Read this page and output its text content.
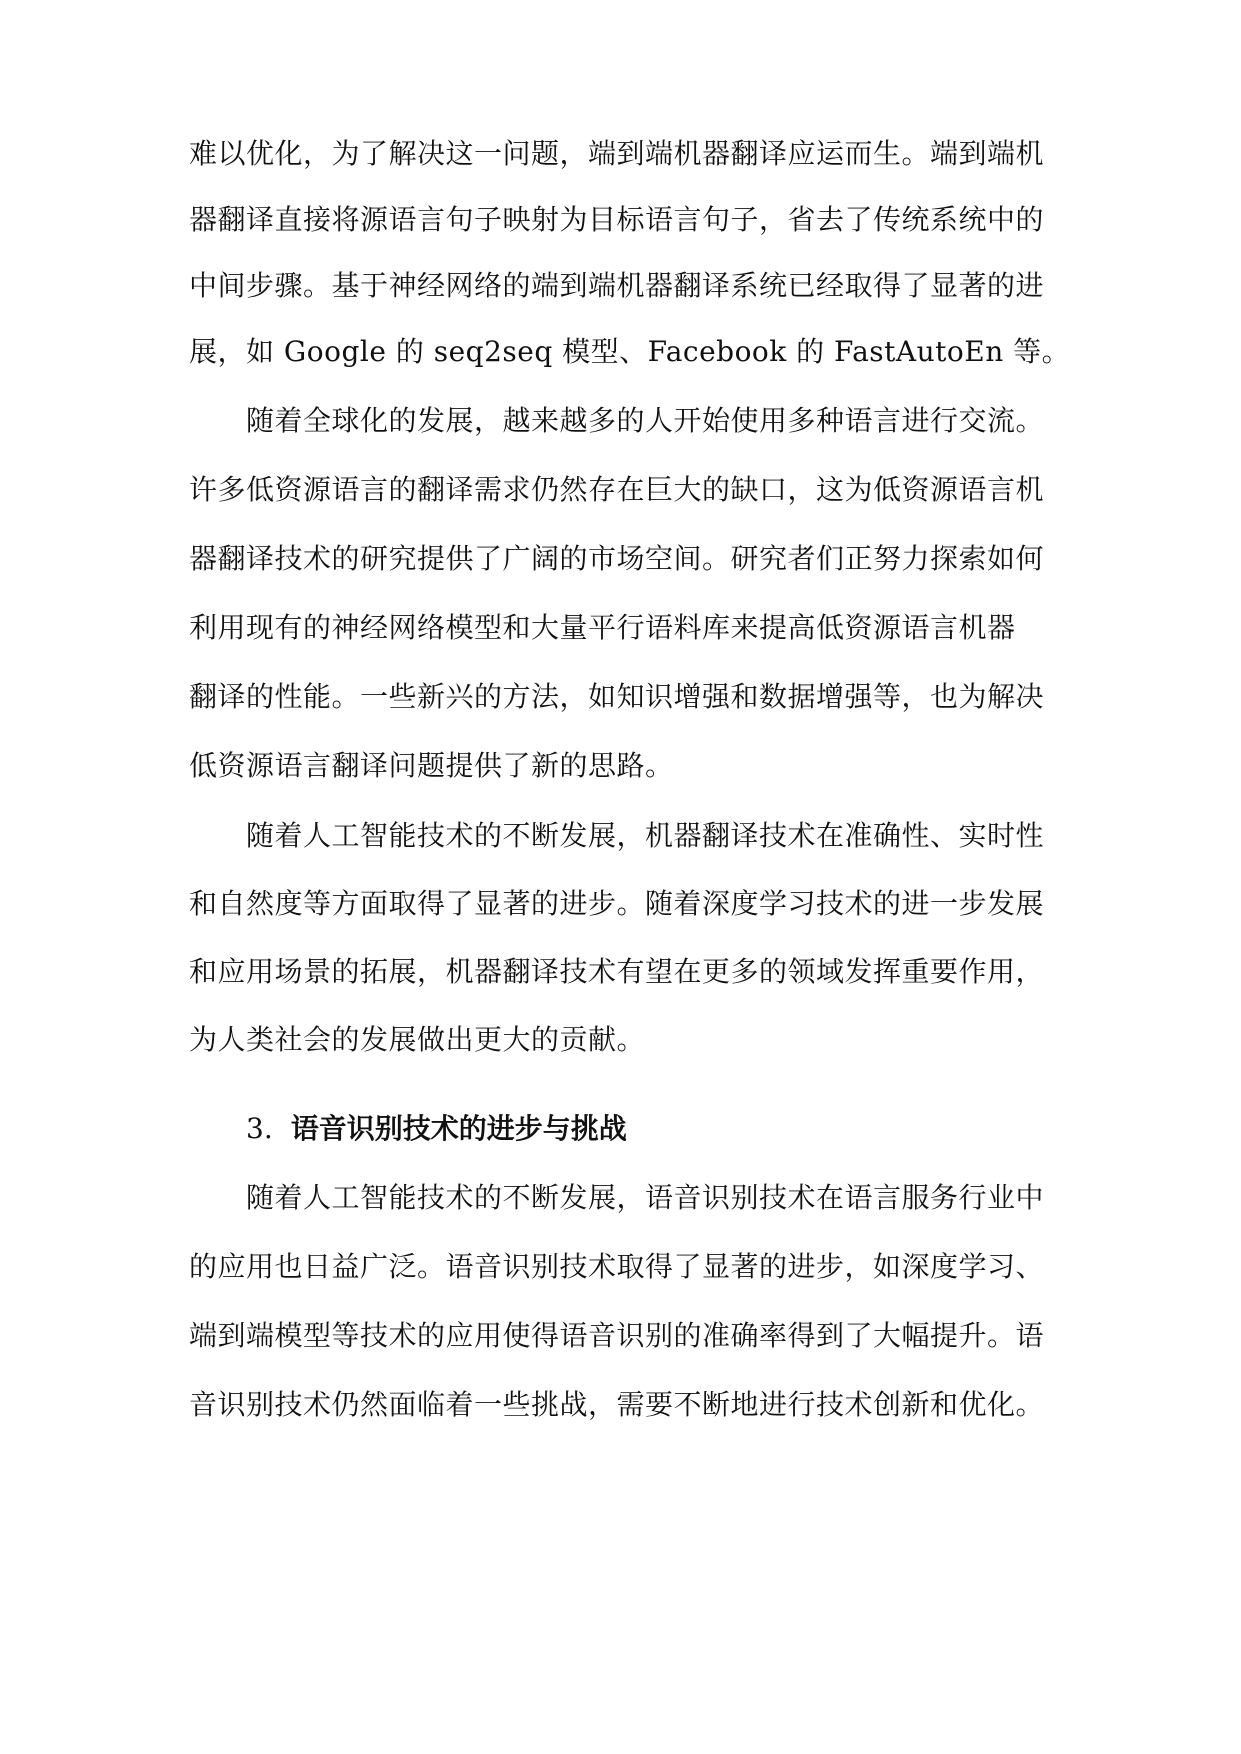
难以优化，为了解决这一问题，端到端机器翻译应运而生。端到端机
器翻译直接将源语言句子映射为目标语言句子，省去了传统系统中的
中间步骤。基于神经网络的端到端机器翻译系统已经取得了显著的进
展，如 Google 的 seq2seq 模型、Facebook 的 FastAutoEn 等。
随着全球化的发展，越来越多的人开始使用多种语言进行交流。
许多低资源语言的翻译需求仍然存在巨大的缺口，这为低资源语言机
器翻译技术的研究提供了广阔的市场空间。研究者们正努力探索如何
利用现有的神经网络模型和大量平行语料库来提高低资源语言机器
翻译的性能。一些新兴的方法，如知识增强和数据增强等，也为解决
低资源语言翻译问题提供了新的思路。
随着人工智能技术的不断发展，机器翻译技术在准确性、实时性
和自然度等方面取得了显著的进步。随着深度学习技术的进一步发展
和应用场景的拓展，机器翻译技术有望在更多的领域发挥重要作用，
为人类社会的发展做出更大的贡献。
3. 语音识别技术的进步与挑战
随着人工智能技术的不断发展，语音识别技术在语言服务行业中
的应用也日益广泛。语音识别技术取得了显著的进步，如深度学习、
端到端模型等技术的应用使得语音识别的准确率得到了大幅提升。语
音识别技术仍然面临着一些挑战，需要不断地进行技术创新和优化。
